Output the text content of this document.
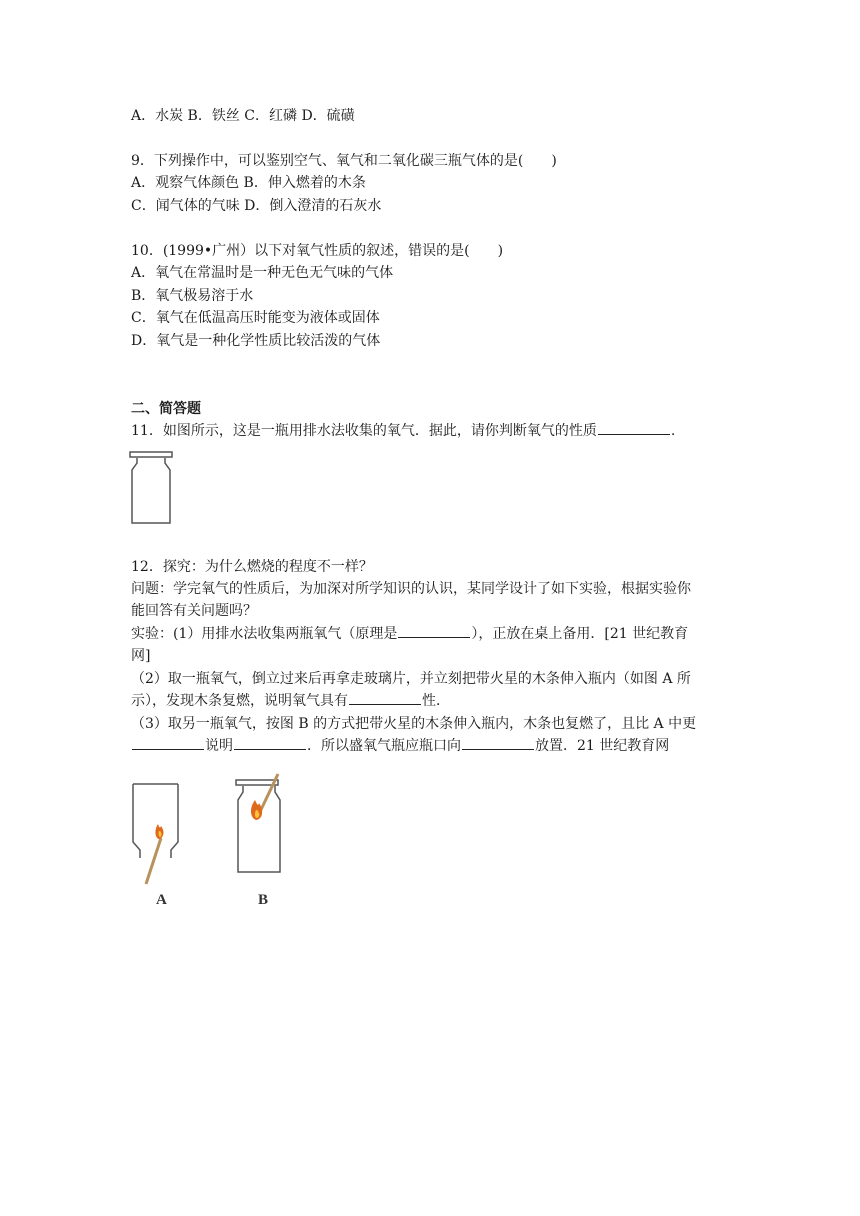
A．水炭 B．铁丝 C．红磷 D．硫磺
9．下列操作中，可以鉴别空气、氧气和二氧化碳三瓶气体的是(　　)
A．观察气体颜色 B．伸入燃着的木条
C．闻气体的气味 D．倒入澄清的石灰水
10．(1999•广州）以下对氧气性质的叙述，错误的是(　　)
A．氧气在常温时是一种无色无气味的气体
B．氧气极易溶于水
C．氧气在低温高压时能变为液体或固体
D．氧气是一种化学性质比较活泼的气体
二、简答题
11．如图所示，这是一瓶用排水法收集的氧气．据此，请你判断氧气的性质	.
12．探究：为什么燃烧的程度不一样？
问题：学完氧气的性质后，为加深对所学知识的认识，某同学设计了如下实验，根据实验你
能回答有关问题吗？
实验：(1）用排水法收集两瓶氧气（原理是	），正放在桌上备用．[21 世纪教育
网]
（2）取一瓶氧气，倒立过来后再拿走玻璃片，并立刻把带火星的木条伸入瓶内（如图 A 所
示），发现木条复燃，说明氧气具有	性．
（3）取另一瓶氧气，按图 B 的方式把带火星的木条伸入瓶内，木条也复燃了，且比 A 中更
说明	．所以盛氧气瓶应瓶口向	放置．21 世纪教育网
A	B
